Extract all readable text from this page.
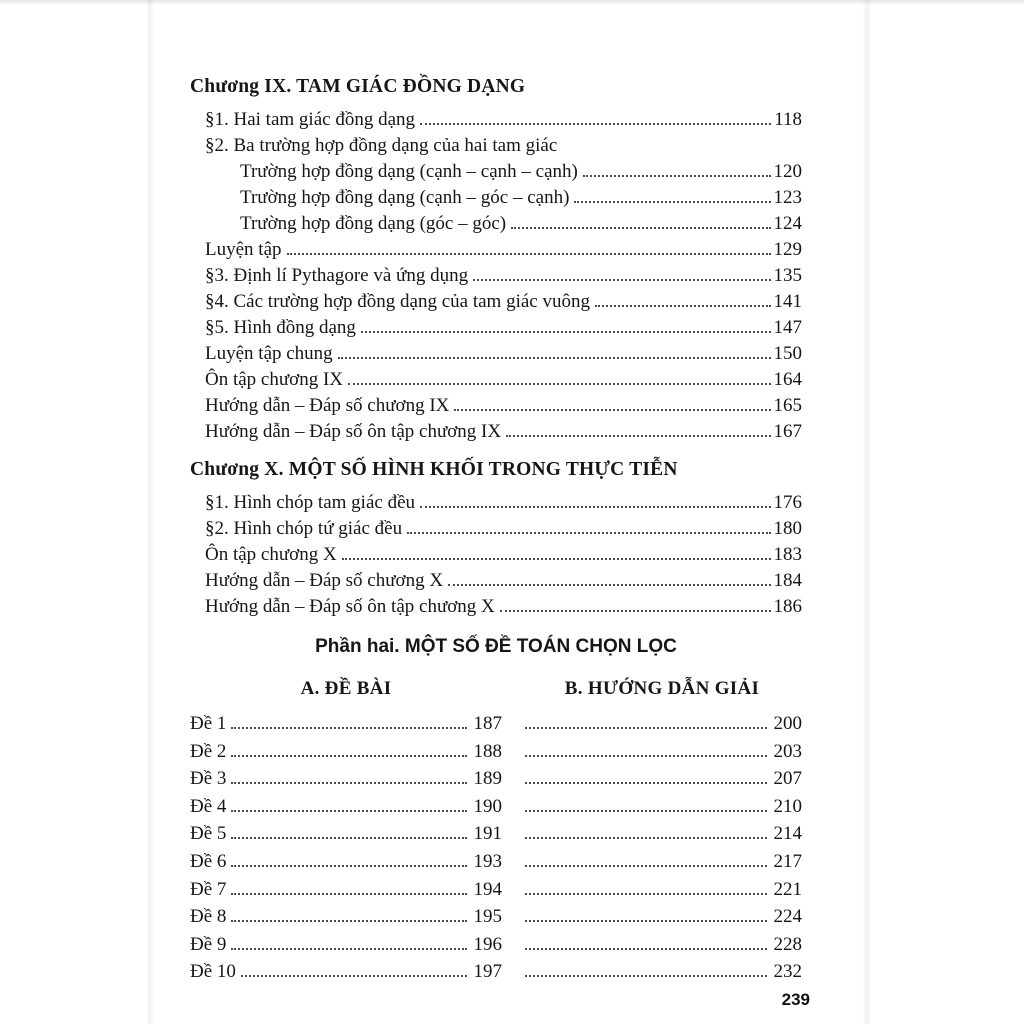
Chương IX. TAM GIÁC ĐỒNG DẠNG
§1. Hai tam giác đồng dạng	118
§2. Ba trường hợp đồng dạng của hai tam giác
Trường hợp đồng dạng (cạnh – cạnh – cạnh)	120
Trường hợp đồng dạng (cạnh – góc – cạnh)	123
Trường hợp đồng dạng (góc – góc)	124
Luyện tập	129
§3. Định lí Pythagore và ứng dụng	135
§4. Các trường hợp đồng dạng của tam giác vuông	141
§5. Hình đồng dạng	147
Luyện tập chung	150
Ôn tập chương IX	164
Hướng dẫn – Đáp số chương IX	165
Hướng dẫn – Đáp số ôn tập chương IX	167
Chương X. MỘT SỐ HÌNH KHỐI TRONG THỰC TIỄN
§1. Hình chóp tam giác đều	176
§2. Hình chóp tứ giác đều	180
Ôn tập chương X	183
Hướng dẫn – Đáp số chương X	184
Hướng dẫn – Đáp số ôn tập chương X	186
Phần hai. MỘT SỐ ĐỀ TOÁN CHỌN LỌC
A. ĐỀ BÀI	B. HƯỚNG DẪN GIẢI
Đề 1	187	200
Đề 2	188	203
Đề 3	189	207
Đề 4	190	210
Đề 5	191	214
Đề 6	193	217
Đề 7	194	221
Đề 8	195	224
Đề 9	196	228
Đề 10	197	232
239
